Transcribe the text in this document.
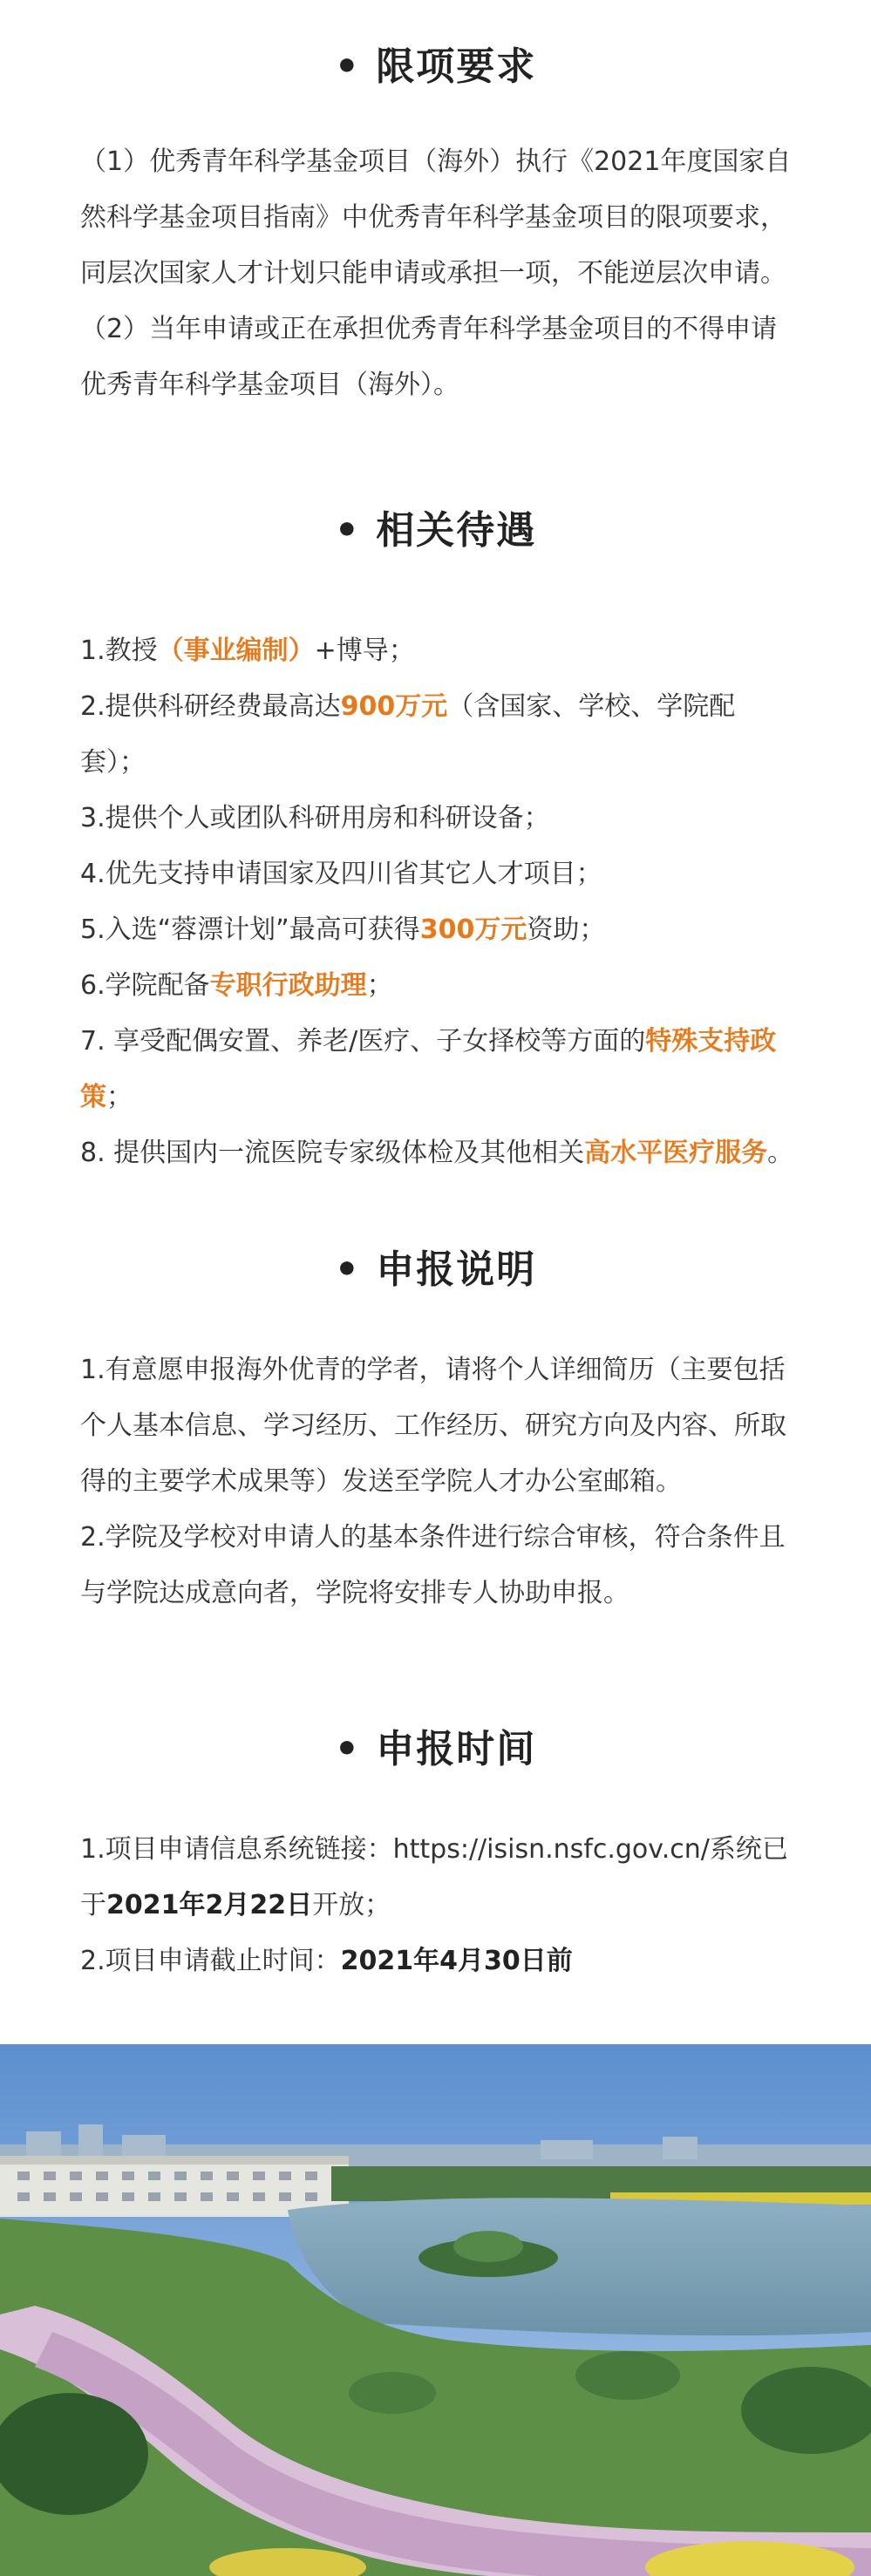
• 限项要求

（1）优秀青年科学基金项目（海外）执行《2021年度国家自然科学基金项目指南》中优秀青年科学基金项目的限项要求，同层次国家人才计划只能申请或承担一项，不能逆层次申请。

（2）当年申请或正在承担优秀青年科学基金项目的不得申请优秀青年科学基金项目（海外）。

• 相关待遇

1.教授（事业编制）+博导；

2.提供科研经费最高达900万元（含国家、学校、学院配套）；

3.提供个人或团队科研用房和科研设备；

4.优先支持申请国家及四川省其它人才项目；

5.入选“蓉漂计划”最高可获得300万元资助；

6.学院配备专职行政助理；

7. 享受配偶安置、养老/医疗、子女择校等方面的特殊支持政策；

8. 提供国内一流医院专家级体检及其他相关高水平医疗服务。

• 申报说明

1.有意愿申报海外优青的学者，请将个人详细简历（主要包括个人基本信息、学习经历、工作经历、研究方向及内容、所取得的主要学术成果等）发送至学院人才办公室邮箱。

2.学院及学校对申请人的基本条件进行综合审核，符合条件且与学院达成意向者，学院将安排专人协助申报。

• 申报时间

1.项目申请信息系统链接：https://isisn.nsfc.gov.cn/系统已于2021年2月22日开放；

2.项目申请截止时间：2021年4月30日前
